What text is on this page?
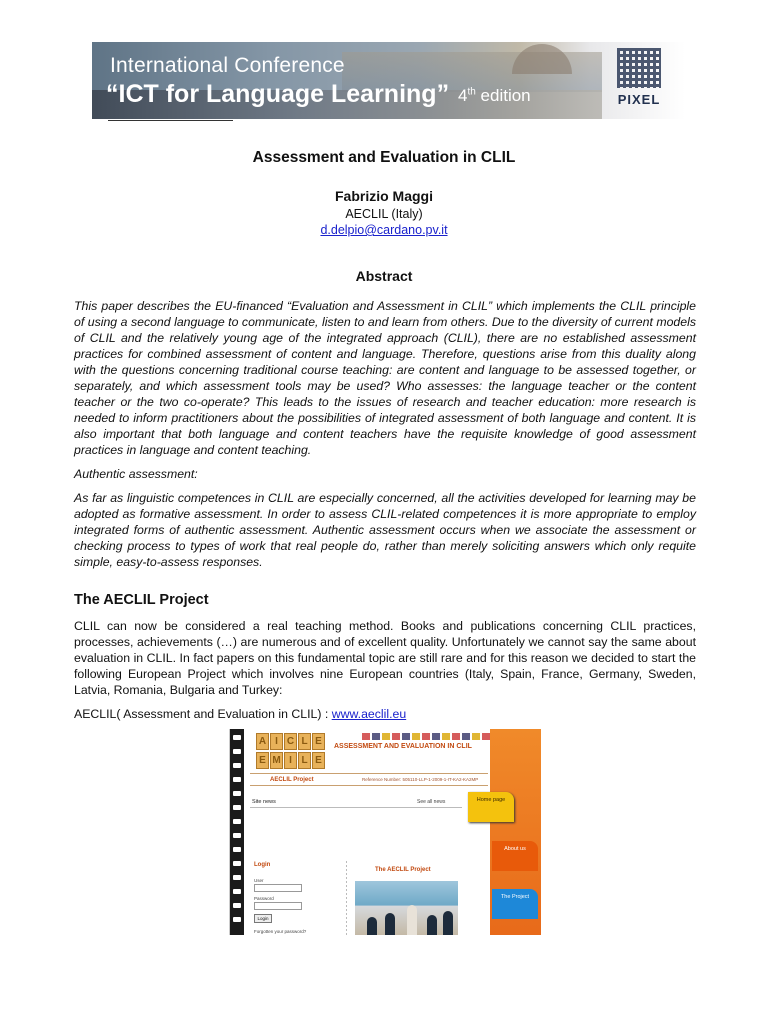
International Conference
“ICT for Language Learning” 4th edition	PIXEL
Assessment and Evaluation in CLIL
Fabrizio Maggi
AECLIL (Italy)
d.delpio@cardano.pv.it
Abstract

This paper describes the EU-financed “Evaluation and Assessment in CLIL” which implements the CLIL principle of using a second language to communicate, listen to and learn from others. Due to the diversity of current models of CLIL and the relatively young age of the integrated approach (CLIL), there are no established assessment practices for combined assessment of content and language. Therefore, questions arise from this duality along with the questions concerning traditional course teaching: are content and language to be assessed together, or separately, and which assessment tools may be used? Who assesses: the language teacher or the content teacher or the two co-operate? This leads to the issues of research and teacher education: more research is needed to inform practitioners about the possibilities of integrated assessment of both language and content. It is also important that both language and content teachers have the requisite knowledge of good assessment practices in language and content teaching.

Authentic assessment:

As far as linguistic competences in CLIL are especially concerned, all the activities developed for learning may be adopted as formative assessment. In order to assess CLIL-related competences it is more appropriate to employ integrated forms of authentic assessment. Authentic assessment occurs when we associate the assessment or checking process to types of work that real people do, rather than merely soliciting answers which only requite simple, easy-to-assess responses.

The AECLIL Project

CLIL can now be considered a real teaching method. Books and publications concerning CLIL practices, processes, achievements (…) are numerous and of excellent quality. Unfortunately we cannot say the same about evaluation in CLIL. In fact papers on this fundamental topic are still rare and for this reason we decided to start the following European Project which involves nine European countries (Italy, Spain, France, Germany, Sweden, Latvia, Romania, Bulgaria and Turkey:

AECLIL( Assessment and Evaluation in CLIL) : www.aeclil.eu

A I C L E
E M I L E
ASSESSMENT AND EVALUATION IN CLIL
AECLIL Project	Reference Number: 505110-LLP-1-2009-1-IT-KA2-KA2MP
Site news	See all news
Login
User
Password
Login
Forgotten your password?
The AECLIL Project
Home page
About us
The Project
